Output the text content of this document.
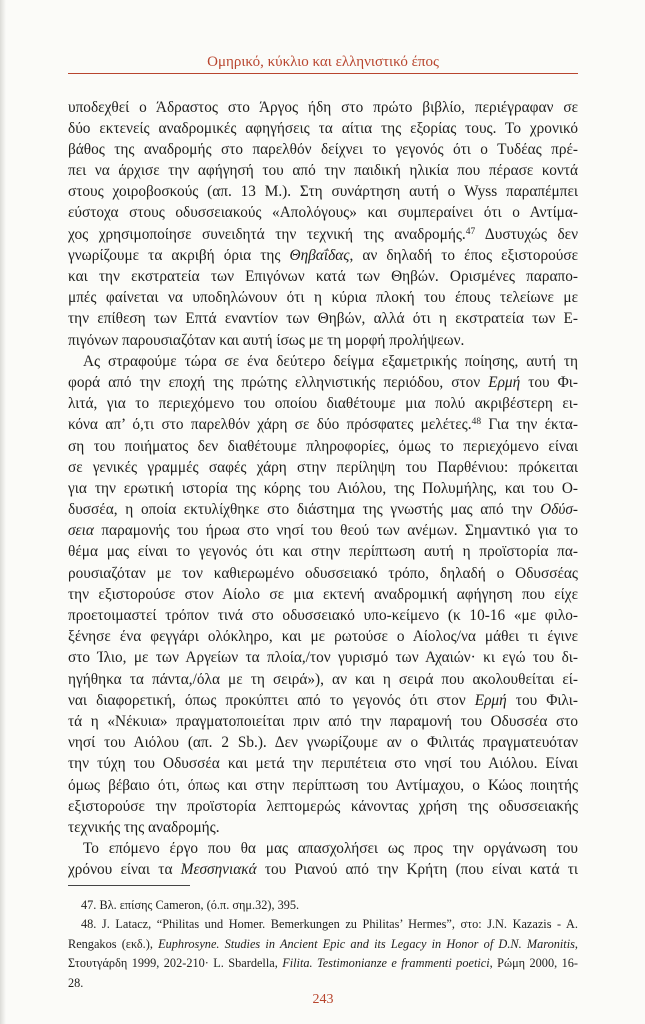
Ομηρικό, κύκλιο και ελληνιστικό έπος
υποδεχθεί ο Άδραστος στο Άργος ήδη στο πρώτο βιβλίο, περιέγραφαν σε
δύο εκτενείς αναδρομικές αφηγήσεις τα αίτια της εξορίας τους. Το χρονικό
βάθος της αναδρομής στο παρελθόν δείχνει το γεγονός ότι ο Τυδέας πρέ-
πει να άρχισε την αφήγησή του από την παιδική ηλικία που πέρασε κοντά
στους χοιροβοσκούς (απ. 13 M.). Στη συνάρτηση αυτή ο Wyss παραπέμπει
εύστοχα στους οδυσσειακούς «Απολόγους» και συμπεραίνει ότι ο Αντίμα-
χος χρησιμοποίησε συνειδητά την τεχνική της αναδρομής.$^{47}$ Δυστυχώς δεν
γνωρίζουμε τα ακριβή όρια της Θηβαΐδας, αν δηλαδή το έπος εξιστορούσε
και την εκστρατεία των Επιγόνων κατά των Θηβών. Ορισμένες παραπο-
μπές φαίνεται να υποδηλώνουν ότι η κύρια πλοκή του έπους τελείωνε με
την επίθεση των Επτά εναντίον των Θηβών, αλλά ότι η εκστρατεία των Ε-
πιγόνων παρουσιαζόταν και αυτή ίσως με τη μορφή προλήψεων.
Ας στραφούμε τώρα σε ένα δεύτερο δείγμα εξαμετρικής ποίησης, αυτή τη
φορά από την εποχή της πρώτης ελληνιστικής περιόδου, στον Ερμή του Φι-
λιτά, για το περιεχόμενο του οποίου διαθέτουμε μια πολύ ακριβέστερη ει-
κόνα απ’ ό,τι στο παρελθόν χάρη σε δύο πρόσφατες μελέτες.$^{48}$ Για την έκτα-
ση του ποιήματος δεν διαθέτουμε πληροφορίες, όμως το περιεχόμενο είναι
σε γενικές γραμμές σαφές χάρη στην περίληψη του Παρθένιου: πρόκειται
για την ερωτική ιστορία της κόρης του Αιόλου, της Πολυμήλης, και του Ο-
δυσσέα, η οποία εκτυλίχθηκε στο διάστημα της γνωστής μας από την Οδύσ-
σεια παραμονής του ήρωα στο νησί του θεού των ανέμων. Σημαντικό για το
θέμα μας είναι το γεγονός ότι και στην περίπτωση αυτή η προϊστορία πα-
ρουσιαζόταν με τον καθιερωμένο οδυσσειακό τρόπο, δηλαδή ο Οδυσσέας
την εξιστορούσε στον Αίολο σε μια εκτενή αναδρομική αφήγηση που είχε
προετοιμαστεί τρόπον τινά στο οδυσσειακό υπο-κείμενο (κ 10-16 «με φιλο-
ξένησε ένα φεγγάρι ολόκληρο, και με ρωτούσε ο Αίολος/να μάθει τι έγινε
στο Ίλιο, με των Αργείων τα πλοία,/τον γυρισμό των Αχαιών· κι εγώ του δι-
ηγήθηκα τα πάντα,/όλα με τη σειρά»), αν και η σειρά που ακολουθείται εί-
ναι διαφορετική, όπως προκύπτει από το γεγονός ότι στον Ερμή του Φιλι-
τά η «Νέκυια» πραγματοποιείται πριν από την παραμονή του Οδυσσέα στο
νησί του Αιόλου (απ. 2 Sb.). Δεν γνωρίζουμε αν ο Φιλιτάς πραγματευόταν
την τύχη του Οδυσσέα και μετά την περιπέτεια στο νησί του Αιόλου. Είναι
όμως βέβαιο ότι, όπως και στην περίπτωση του Αντίμαχου, ο Κώος ποιητής
εξιστορούσε την προϊστορία λεπτομερώς κάνοντας χρήση της οδυσσειακής
τεχνικής της αναδρομής.
Το επόμενο έργο που θα μας απασχολήσει ως προς την οργάνωση του
χρόνου είναι τα Μεσσηνιακά του Ριανού από την Κρήτη (που είναι κατά τι
47. Βλ. επίσης Cameron, (ό.π. σημ.32), 395.
48. J. Latacz, “Philitas und Homer. Bemerkungen zu Philitas’ Hermes”, στο: J.N. Kazazis - A.
Rengakos (εκδ.), Euphrosyne. Studies in Ancient Epic and its Legacy in Honor of D.N. Maronitis,
Στουτγάρδη 1999, 202-210· L. Sbardella, Filita. Testimonianze e frammenti poetici, Ρώμη 2000, 16-
28.
243
